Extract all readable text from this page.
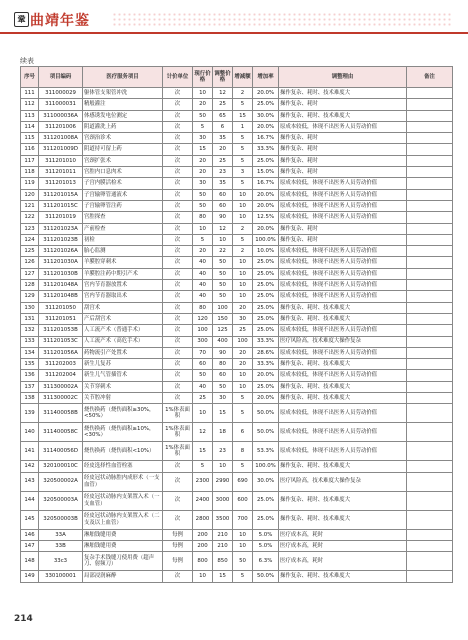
鞏 曲靖年鉴
续表
序号	项目编码	医疗服务项目	计价单位	现行价格	调整价格	增减额	增加率	调整理由	备注
111	311000029	躯体管支架管冲洗	次	10	12	2	20.0%	操作复杂、耗时、技术难度大	
112	311000031	精般灌注	次	20	25	5	25.0%	操作复杂、耗时	
113	311000036A	体感诱发电位测定	次	50	65	15	30.0%	操作复杂、耗时、技术难度大	
114	311201006	阴道灌洗上药	次	5	6	1	20.0%	原成本较低，体现不出医务人员劳动价值	
115	311201008A	宫颈治诊术	次	30	35	5	16.7%	操作复杂、耗时	
116	311201009D	阴道持可留上药	次	15	20	5	33.3%	操作复杂、耗时	
117	311201010	宫颈扩张术	次	20	25	5	25.0%	操作复杂、耗时	
118	311201011	宫腔内口息肉术	次	20	23	3	15.0%	操作复杂、耗时	
119	311201013	子宫内膜活检术	次	30	35	5	16.7%	原成本较低，体现不出医务人员劳动价值	
120	311201015A	子宫输卵管通液术	次	50	60	10	20.0%	原成本较低，体现不出医务人员劳动价值	
121	311201015C	子宫输卵管注药	次	50	60	10	20.0%	原成本较低，体现不出医务人员劳动价值	
122	311201019	宫腔探查	次	80	90	10	12.5%	原成本较低，体现不出医务人员劳动价值	
123	311201023A	产前检查	次	10	12	2	20.0%	操作复杂、耗时	
124	311201023B	初检	次	5	10	5	100.0%	操作复杂、耗时	
125	311201026A	胎心监测	次	20	22	2	10.0%	原成本较低，体现不出医务人员劳动价值	
126	311201030A	羊膜腔穿刺术	次	40	50	10	25.0%	原成本较低，体现不出医务人员劳动价值	
127	311201030B	羊膜腔注药中期引产术	次	40	50	10	25.0%	原成本较低，体现不出医务人员劳动价值	
128	311201048A	宫内节育器放置术	次	40	50	10	25.0%	原成本较低，体现不出医务人员劳动价值	
129	311201048B	宫内节育器取出术	次	40	50	10	25.0%	原成本较低，体现不出医务人员劳动价值	
130	311201050	刮宫术	次	80	100	20	25.0%	操作复杂、耗时、技术难度大	
131	311201051	产后刮宫术	次	120	150	30	25.0%	操作复杂、耗时、技术难度大	
132	311201053B	人工流产术（普通手术）	次	100	125	25	25.0%	原成本较低，体现不出医务人员劳动价值	
133	311201053C	人工流产术（高危手术）	次	300	400	100	33.3%	医疗风险高，技术难度大操作复杂	
134	311201056A	药物流引产处置术	次	70	90	20	28.6%	原成本较低，体现不出医务人员劳动价值	
135	311202003	新生儿复苏	次	60	80	20	33.3%	操作复杂、耗时、技术难度大	
136	311202004	新生儿气管插管术	次	50	60	10	20.0%	原成本较低，体现不出医务人员劳动价值	
137	311300002A	关节穿刺术	次	40	50	10	25.0%	操作复杂、耗时、技术难度大	
138	311300002C	关节腔冲射	次	25	30	5	20.0%	操作复杂、耗时、技术难度大	
139	311400058B	烧伤换药（烧伤面积≥30%，<50%）	1%体表面积	10	15	5	50.0%	原成本较低，体现不出医务人员劳动价值	
140	311400058C	烧伤换药（烧伤面积≥10%，<30%）	1%体表面积	12	18	6	50.0%	原成本较低，体现不出医务人员劳动价值	
141	311400056D	烧伤换药（烧伤面积<10%）	1%体表面积	15	23	8	53.3%	原成本较低，体现不出医务人员劳动价值	
142	320100010C	经皮选择性血管栓塞	次	5	10	5	100.0%	操作复杂、耗时、技术难度大	
143	320500002A	经皮冠状动脉腔内成形术（一支血管）	次	2300	2990	690	30.0%	医疗风险高，技术难度大操作复杂	
144	320500003A	经皮冠状动脉内支架置入术（一支血管）	次	2400	3000	600	25.0%	操作复杂、耗时、技术难度大	
145	320500003B	经皮冠状动脉内支架置入术（二支及以上血管）	次	2800	3500	700	25.0%	操作复杂、耗时、技术难度大	
146	33A	淋舶钱缝用费	每例	200	210	10	5.0%	医疗成本高，耗时	
147	33B	淋舶钱缝用费	每例	200	210	10	5.0%	医疗成本高，耗时	
148	33c3	复杂手术钱缝刀使用费（超声刀、射频刀）	每例	800	850	50	6.3%	医疗成本高，耗时	
149	330100001	局部浸润麻醉	次	10	15	5	50.0%	操作复杂、耗时、技术难度大	
214
